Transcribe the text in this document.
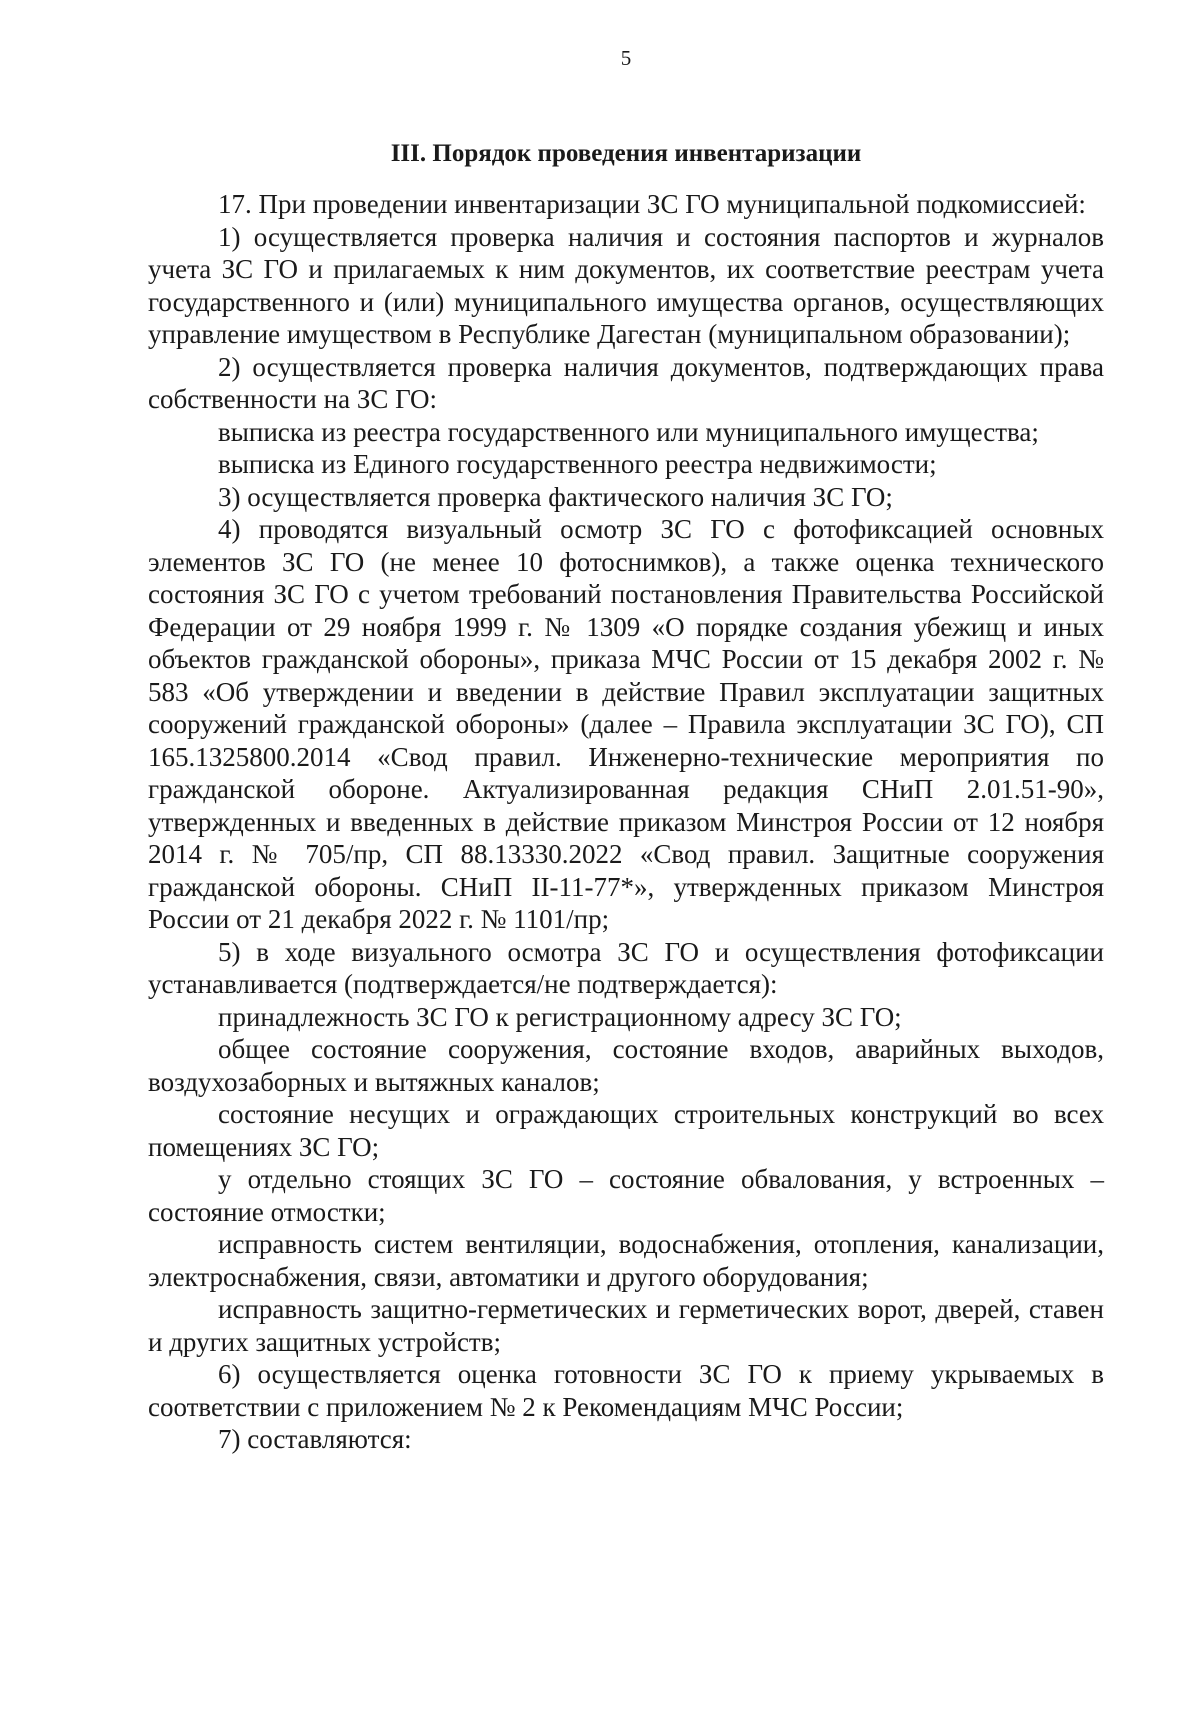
5
III. Порядок проведения инвентаризации

17. При проведении инвентаризации ЗС ГО муниципальной подкомиссией:

1) осуществляется проверка наличия и состояния паспортов и журналов учета ЗС ГО и прилагаемых к ним документов, их соответствие реестрам учета государственного и (или) муниципального имущества органов, осуществляющих управление имуществом в Республике Дагестан (муниципальном образовании);

2) осуществляется проверка наличия документов, подтверждающих права собственности на ЗС ГО:

выписка из реестра государственного или муниципального имущества;

выписка из Единого государственного реестра недвижимости;

3) осуществляется проверка фактического наличия ЗС ГО;

4) проводятся визуальный осмотр ЗС ГО с фотофиксацией основных элементов ЗС ГО (не менее 10 фотоснимков), а также оценка технического состояния ЗС ГО с учетом требований постановления Правительства Российской Федерации от 29 ноября 1999 г. № 1309 «О порядке создания убежищ и иных объектов гражданской обороны», приказа МЧС России от 15 декабря 2002 г. № 583 «Об утверждении и введении в действие Правил эксплуатации защитных сооружений гражданской обороны» (далее – Правила эксплуатации ЗС ГО), СП 165.1325800.2014 «Свод правил. Инженерно-технические мероприятия по гражданской обороне. Актуализированная редакция СНиП 2.01.51-90», утвержденных и введенных в действие приказом Минстроя России от 12 ноября 2014 г. № 705/пр, СП 88.13330.2022 «Свод правил. Защитные сооружения гражданской обороны. СНиП II-11-77*», утвержденных приказом Минстроя России от 21 декабря 2022 г. № 1101/пр;

5) в ходе визуального осмотра ЗС ГО и осуществления фотофиксации устанавливается (подтверждается/не подтверждается):

принадлежность ЗС ГО к регистрационному адресу ЗС ГО;

общее состояние сооружения, состояние входов, аварийных выходов, воздухозаборных и вытяжных каналов;

состояние несущих и ограждающих строительных конструкций во всех помещениях ЗС ГО;

у отдельно стоящих ЗС ГО – состояние обвалования, у встроенных – состояние отмостки;

исправность систем вентиляции, водоснабжения, отопления, канализации, электроснабжения, связи, автоматики и другого оборудования;

исправность защитно-герметических и герметических ворот, дверей, ставен и других защитных устройств;

6) осуществляется оценка готовности ЗС ГО к приему укрываемых в соответствии с приложением № 2 к Рекомендациям МЧС России;

7) составляются:
